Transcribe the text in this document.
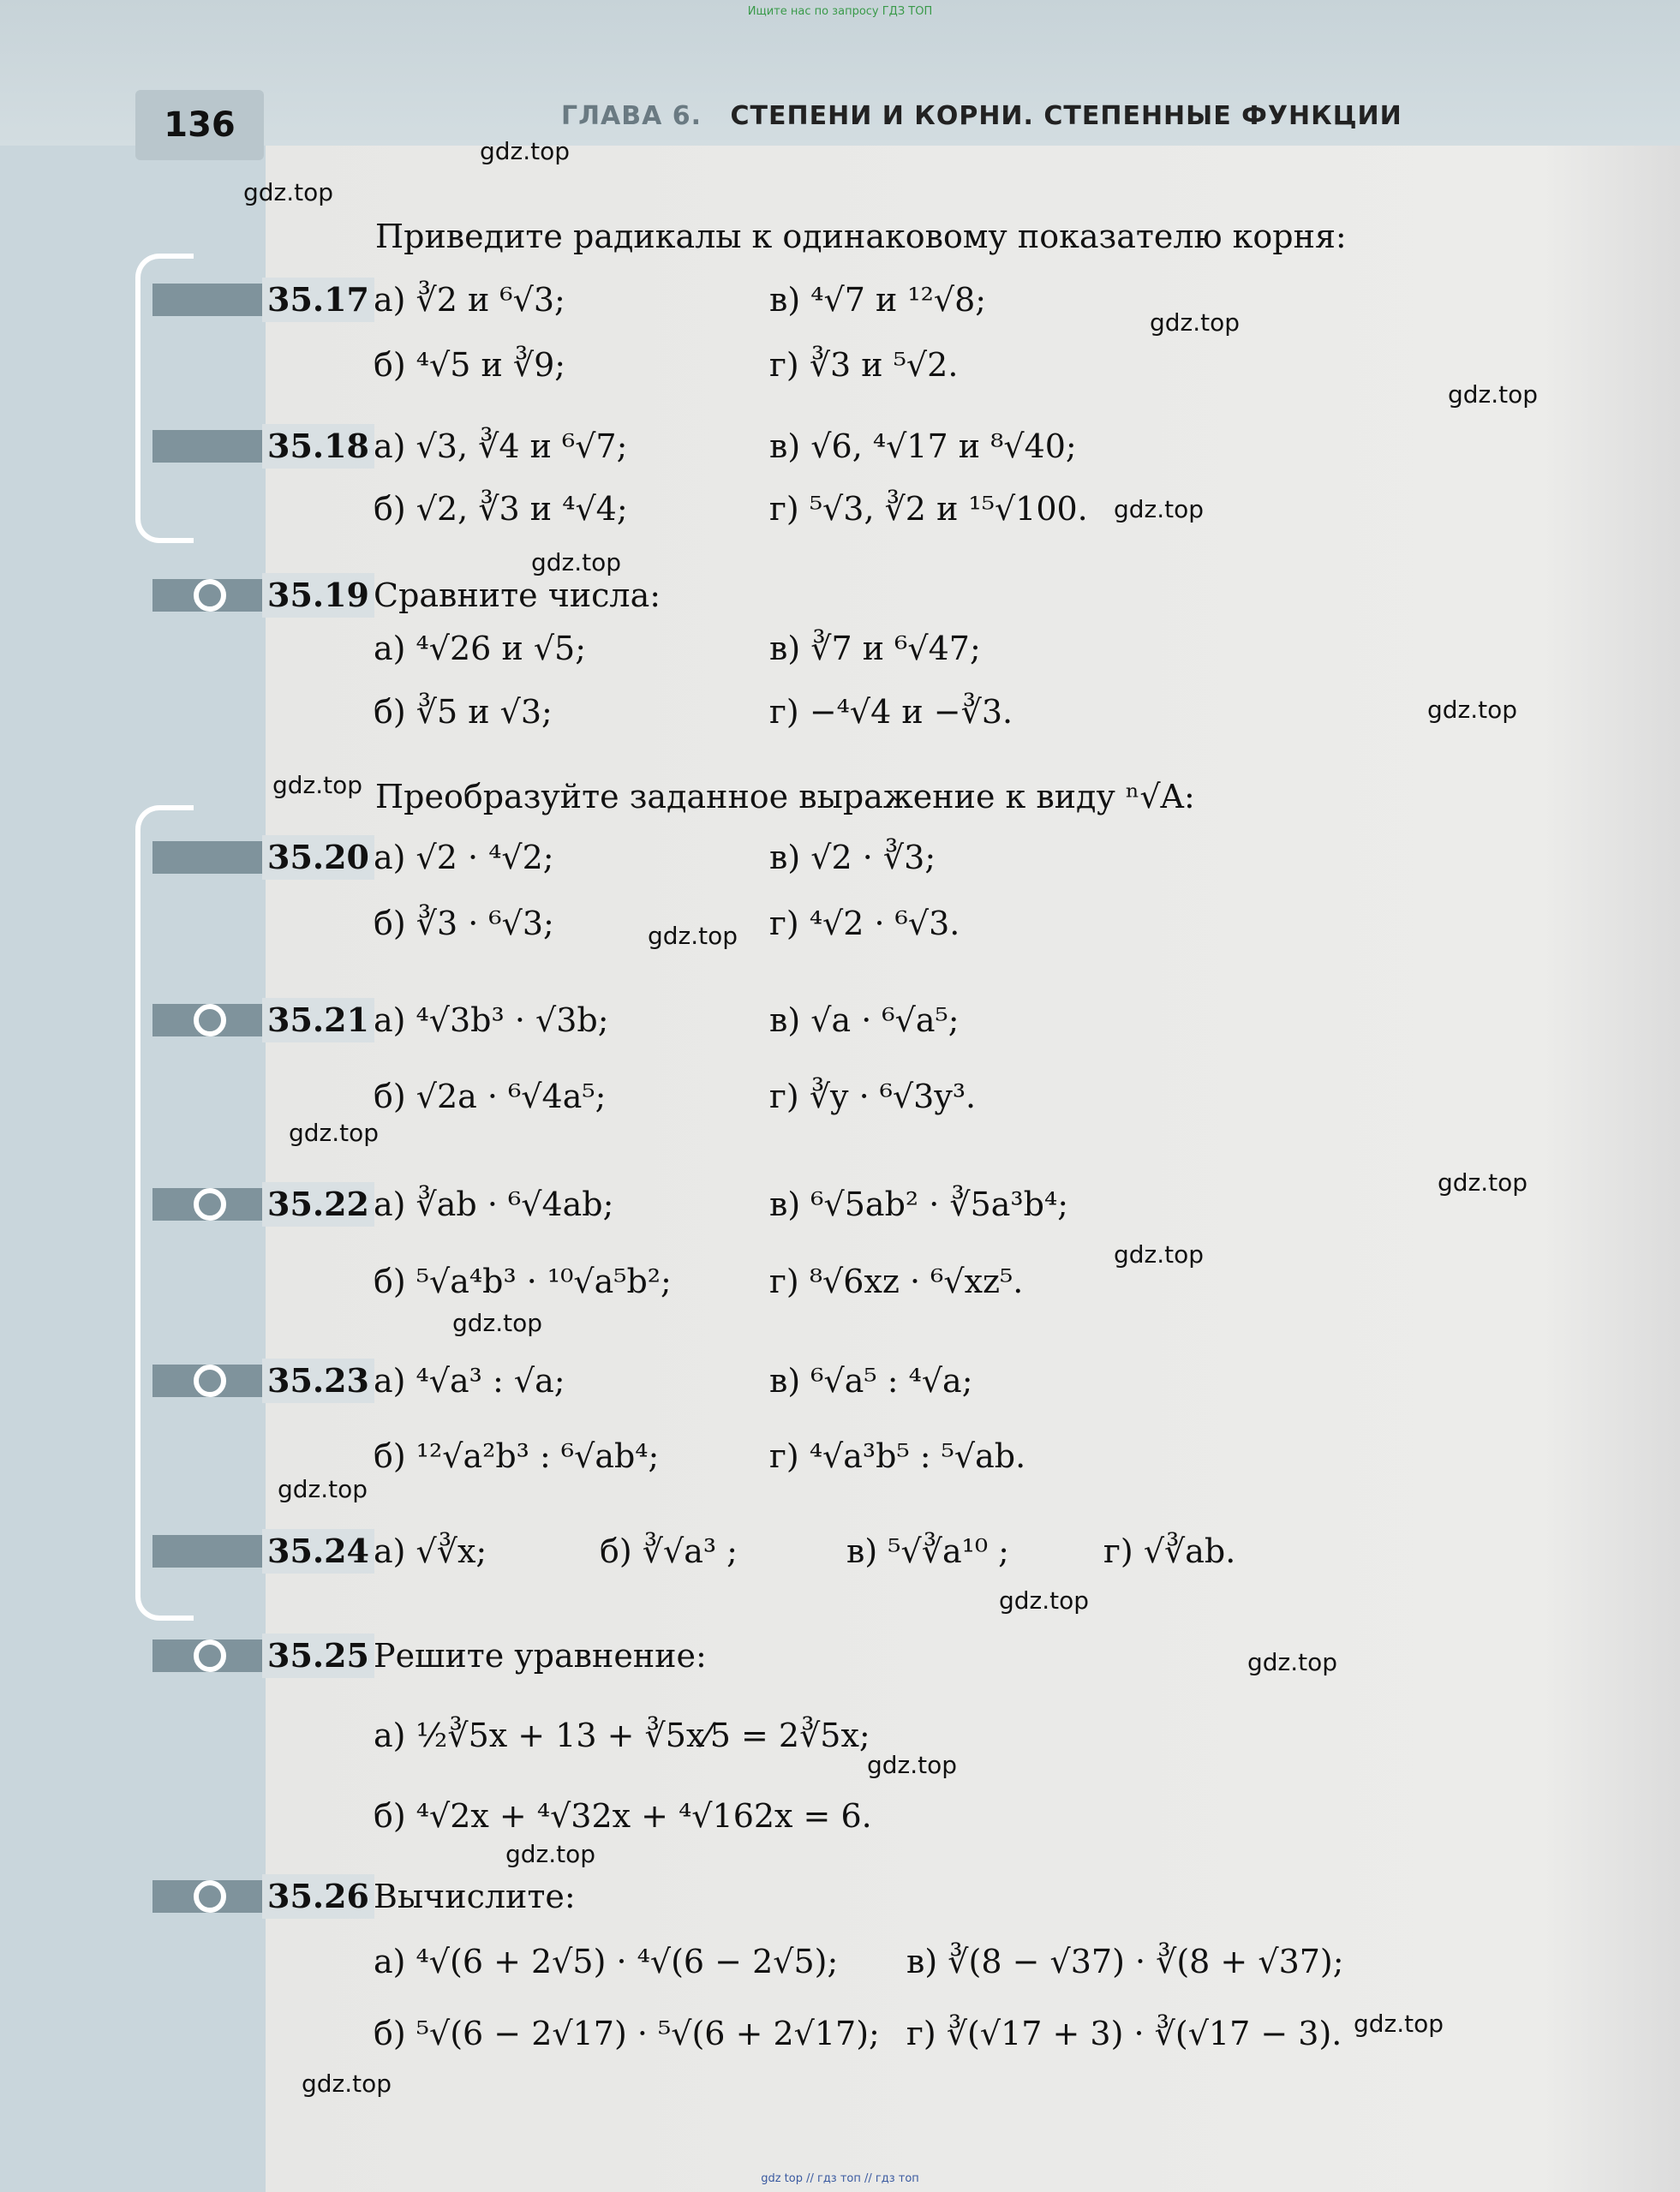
Ищите нас по запросу ГДЗ ТОП
136	ГЛАВА 6. СТЕПЕНИ И КОРНИ. СТЕПЕННЫЕ ФУНКЦИИ
gdz.top
gdz.top
gdz.top
gdz.top
gdz.top
gdz.top
gdz.top
gdz.top
gdz.top
gdz.top
gdz.top
gdz.top
gdz.top
gdz.top
gdz.top
gdz.top
gdz.top
gdz.top
gdz.top
gdz.top
Приведите радикалы к одинаковому показателю корня:
35.17 а) ∛2 и ⁶√3;	в) ⁴√7 и ¹²√8;
б) ⁴√5 и ∛9;	г) ∛3 и ⁵√2.
35.18 а) √3, ∛4 и ⁶√7;	в) √6, ⁴√17 и ⁸√40;
б) √2, ∛3 и ⁴√4;	г) ⁵√3, ∛2 и ¹⁵√100.
35.19 Сравните числа:
а) ⁴√26 и √5;	в) ∛7 и ⁶√47;
б) ∛5 и √3;	г) −⁴√4 и −∛3.
Преобразуйте заданное выражение к виду ⁿ√A:
35.20 а) √2 · ⁴√2;	в) √2 · ∛3;
б) ∛3 · ⁶√3;	г) ⁴√2 · ⁶√3.
35.21 а) ⁴√3b³ · √3b;	в) √a · ⁶√a⁵;
б) √2a · ⁶√4a⁵;	г) ∛y · ⁶√3y³.
35.22 а) ∛ab · ⁶√4ab;	в) ⁶√5ab² · ∛5a³b⁴;
б) ⁵√a⁴b³ · ¹⁰√a⁵b²;	г) ⁸√6xz · ⁶√xz⁵.
35.23 а) ⁴√a³ : √a;	в) ⁶√a⁵ : ⁴√a;
б) ¹²√a²b³ : ⁶√ab⁴;	г) ⁴√a³b⁵ : ⁵√ab.
35.24 а) √∛x;	б) ∛√a³ ;	в) ⁵√∛a¹⁰ ;	г) √∛ab.
35.25 Решите уравнение:
а) ½∛5x + 13 + ∛5x⁄5 = 2∛5x;
б) ⁴√2x + ⁴√32x + ⁴√162x = 6.
35.26 Вычислите:
а) ⁴√(6 + 2√5) · ⁴√(6 − 2√5); в) ∛(8 − √37) · ∛(8 + √37);
б) ⁵√(6 − 2√17) · ⁵√(6 + 2√17); г) ∛(√17 + 3) · ∛(√17 − 3).
gdz top // гдз топ // гдз топ
